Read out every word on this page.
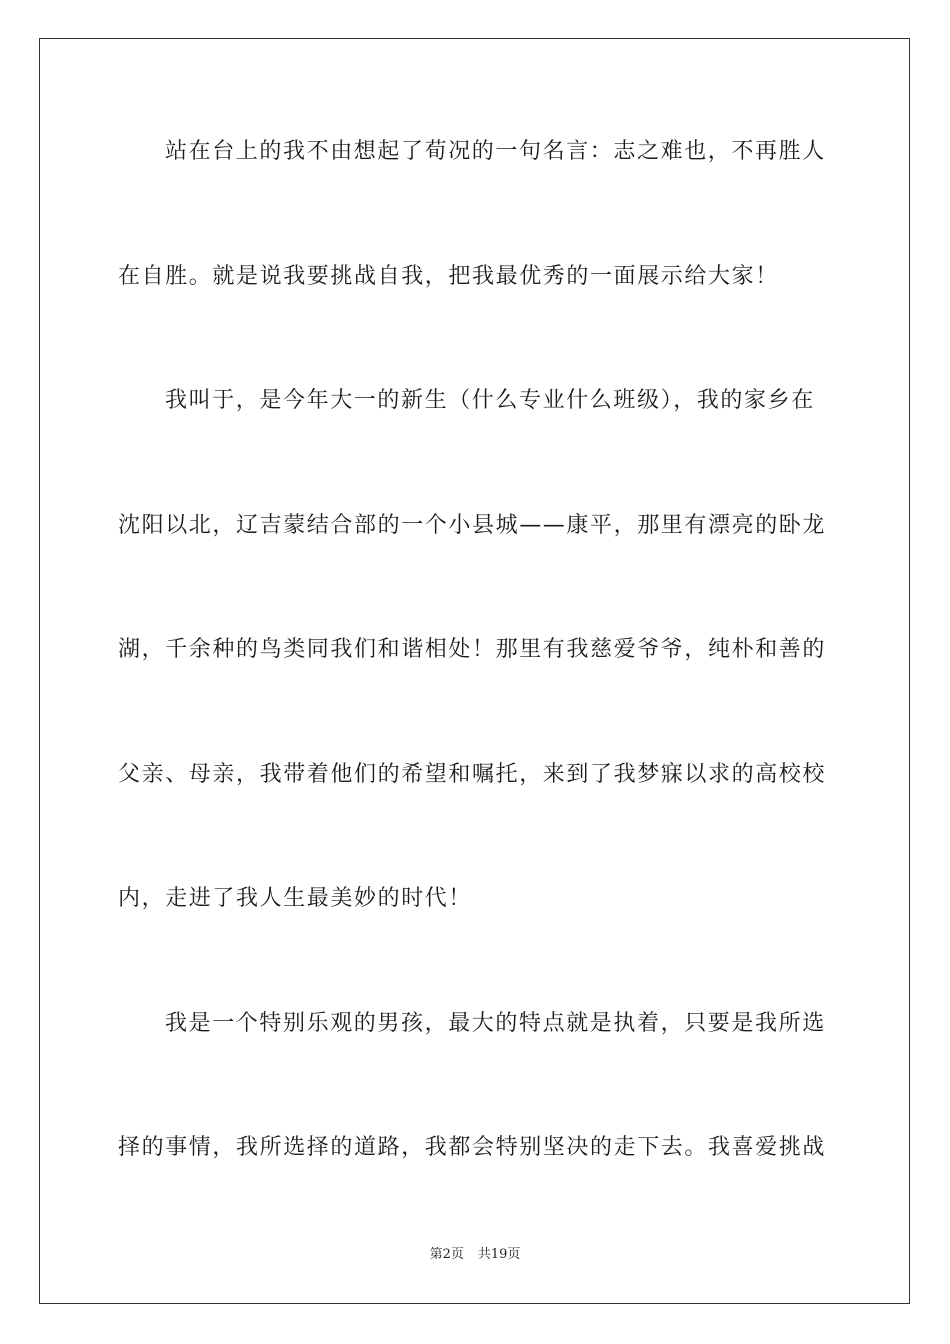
站在台上的我不由想起了荀况的一句名言：志之难也，不再胜人
在自胜。就是说我要挑战自我，把我最优秀的一面展示给大家！
我叫于，是今年大一的新生（什么专业什么班级），我的家乡在
沈阳以北，辽吉蒙结合部的一个小县城——康平，那里有漂亮的卧龙
湖，千余种的鸟类同我们和谐相处！那里有我慈爱爷爷，纯朴和善的
父亲、母亲，我带着他们的希望和嘱托，来到了我梦寐以求的高校校
内，走进了我人生最美妙的时代！
我是一个特别乐观的男孩，最大的特点就是执着，只要是我所选
择的事情，我所选择的道路，我都会特别坚决的走下去。我喜爱挑战
第2页 共19页
